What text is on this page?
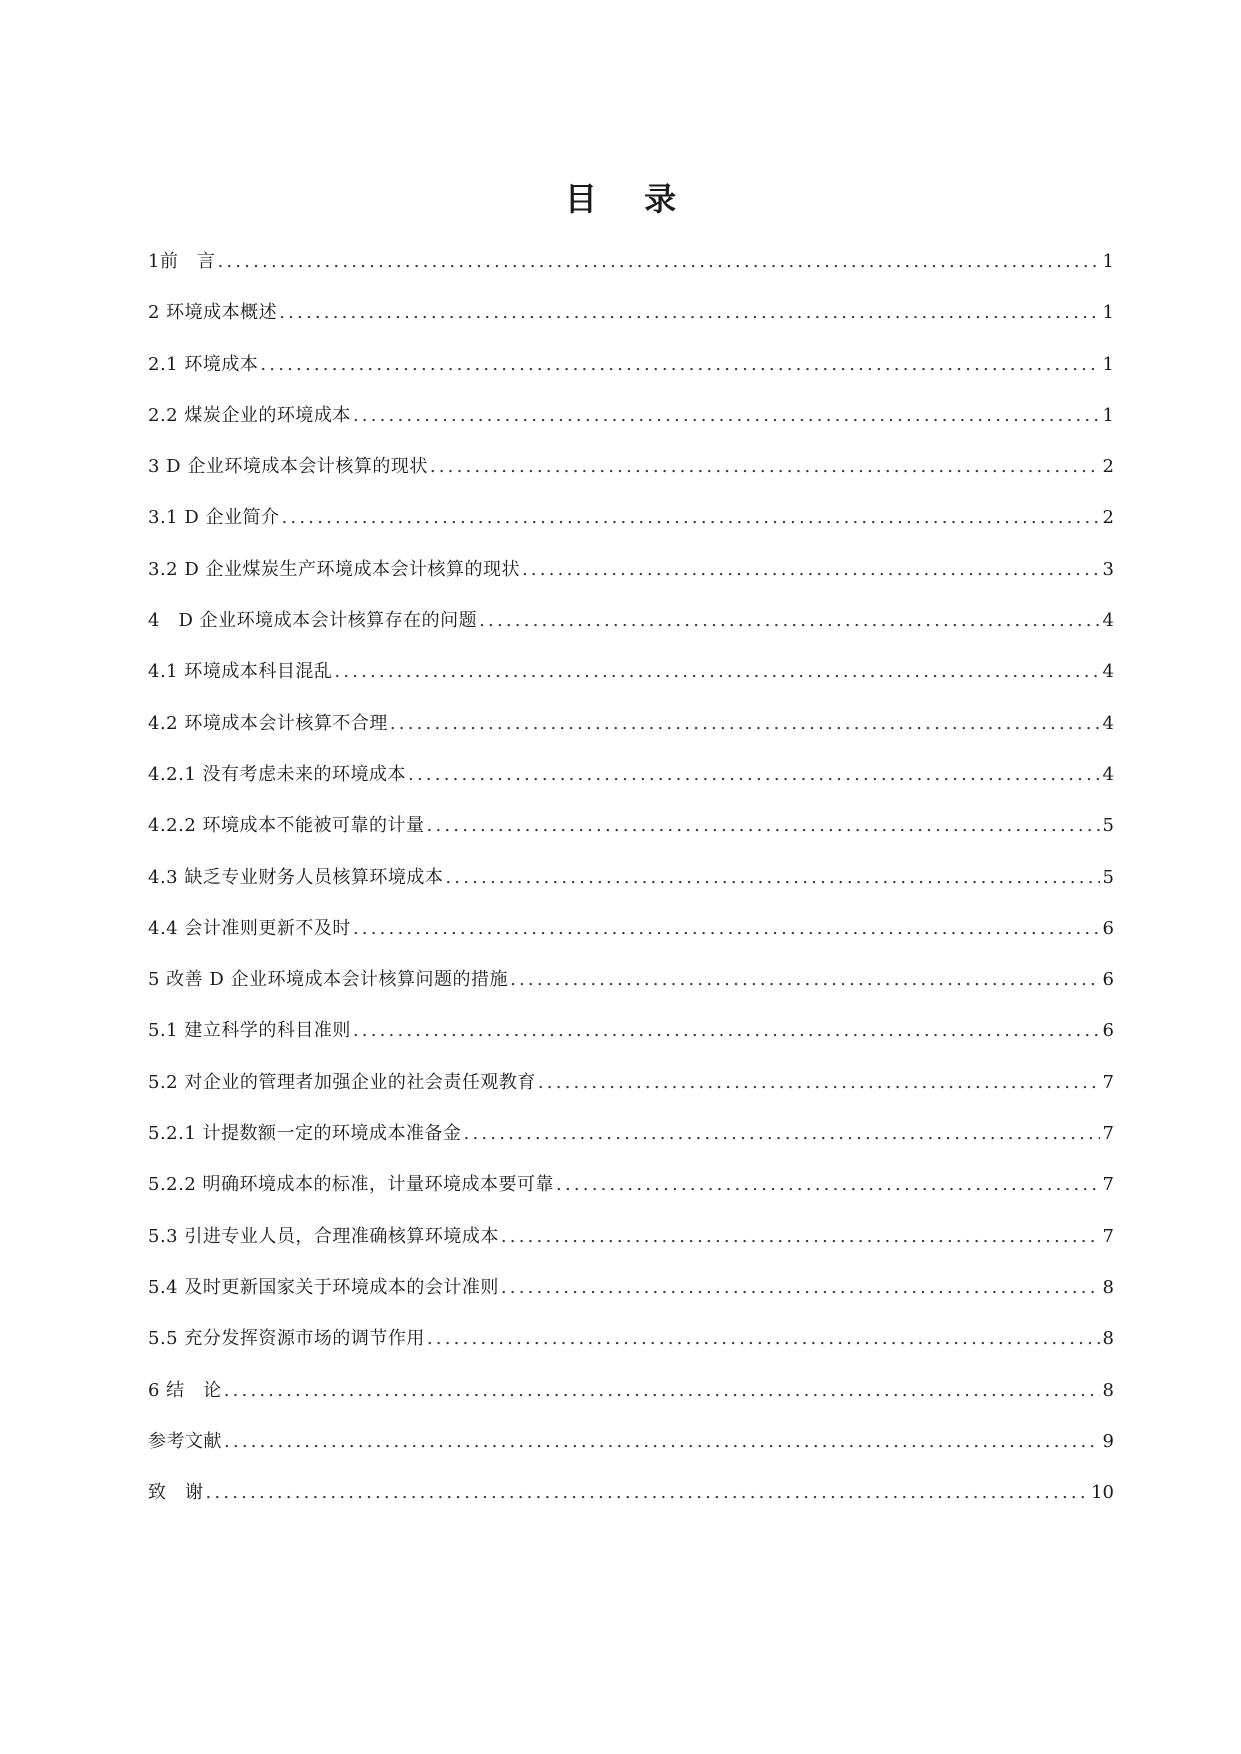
目 录
1前　言 .....	1
2 环境成本概述 .....	1
2.1 环境成本 .....	1
2.2 煤炭企业的环境成本 .....	1
3 D 企业环境成本会计核算的现状 .....	2
3.1 D 企业简介 .....	2
3.2 D 企业煤炭生产环境成本会计核算的现状 .....	3
4　D 企业环境成本会计核算存在的问题 .....	4
4.1 环境成本科目混乱 .....	4
4.2 环境成本会计核算不合理 .....	4
4.2.1 没有考虑未来的环境成本 .....	4
4.2.2 环境成本不能被可靠的计量 .....	5
4.3 缺乏专业财务人员核算环境成本 .....	5
4.4 会计准则更新不及时 .....	6
5 改善 D 企业环境成本会计核算问题的措施 .....	6
5.1 建立科学的科目准则 .....	6
5.2 对企业的管理者加强企业的社会责任观教育 .....	7
5.2.1 计提数额一定的环境成本准备金 .....	7
5.2.2 明确环境成本的标准，计量环境成本要可靠 .....	7
5.3 引进专业人员，合理准确核算环境成本 .....	7
5.4 及时更新国家关于环境成本的会计准则 .....	8
5.5 充分发挥资源市场的调节作用 .....	8
6 结　论 .....	8
参考文献 .....	9
致　谢 .....	10
